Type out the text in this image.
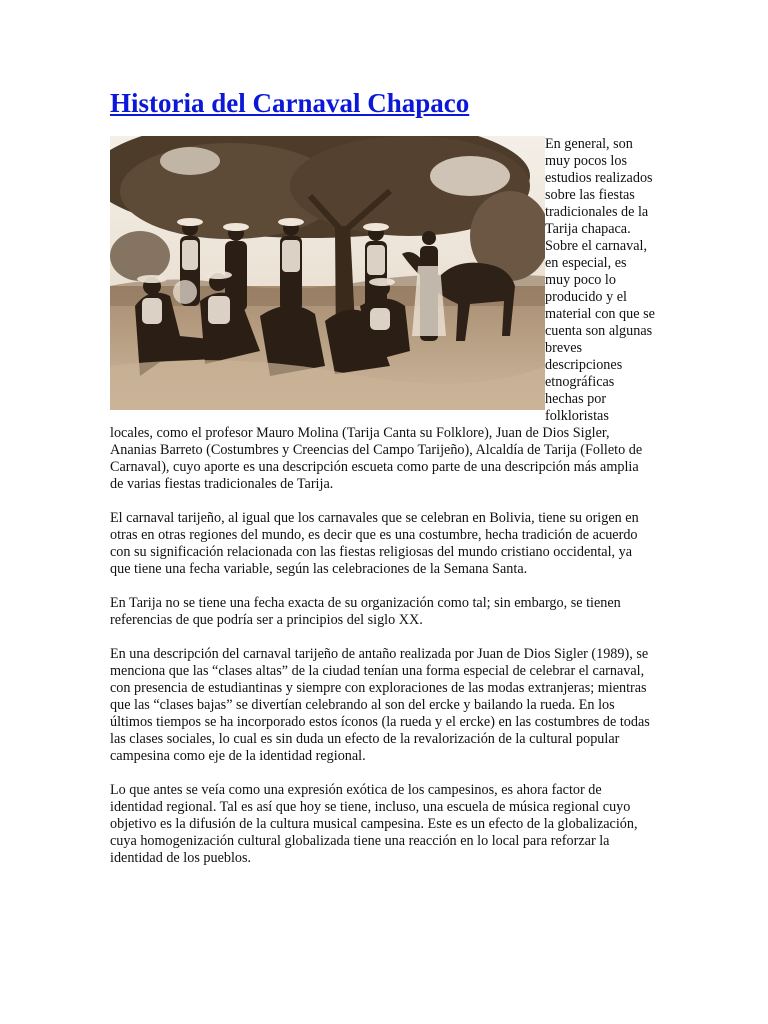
Historia del Carnaval Chapaco

En general, son muy pocos los estudios realizados sobre las fiestas tradicionales de la Tarija chapaca. Sobre el carnaval, en especial, es muy poco lo producido y el material con que se cuenta son algunas breves descripciones etnográficas hechas por folkloristas locales, como el profesor Mauro Molina (Tarija Canta su Folklore), Juan de Dios Sigler, Ananias Barreto (Costumbres y Creencias del Campo Tarijeño), Alcaldía de Tarija (Folleto de Carnaval), cuyo aporte es una descripción escueta como parte de una descripción más amplia de varias fiestas tradicionales de Tarija.

El carnaval tarijeño, al igual que los carnavales que se celebran en Bolivia, tiene su origen en otras en otras regiones del mundo, es decir que es una costumbre, hecha tradición de acuerdo con su significación relacionada con las fiestas religiosas del mundo cristiano occidental, ya que tiene una fecha variable, según las celebraciones de la Semana Santa.

En Tarija no se tiene una fecha exacta de su organización como tal; sin embargo, se tienen referencias de que podría ser a principios del siglo XX.

En una descripción del carnaval tarijeño de antaño realizada por Juan de Dios Sigler (1989), se menciona que las “clases altas” de la ciudad tenían una forma especial de celebrar el carnaval, con presencia de estudiantinas y siempre con exploraciones de las modas extranjeras; mientras que las “clases bajas” se divertían celebrando al son del ercke y bailando la rueda. En los últimos tiempos se ha incorporado estos íconos (la rueda y el ercke) en las costumbres de todas las clases sociales, lo cual es sin duda un efecto de la revalorización de la cultural popular campesina como eje de la identidad regional.

Lo que antes se veía como una expresión exótica de los campesinos, es ahora factor de identidad regional. Tal es así que hoy se tiene, incluso, una escuela de música regional cuyo objetivo es la difusión de la cultura musical campesina. Este es un efecto de la globalización, cuya homogenización cultural globalizada tiene una reacción en lo local para reforzar la identidad de los pueblos.
